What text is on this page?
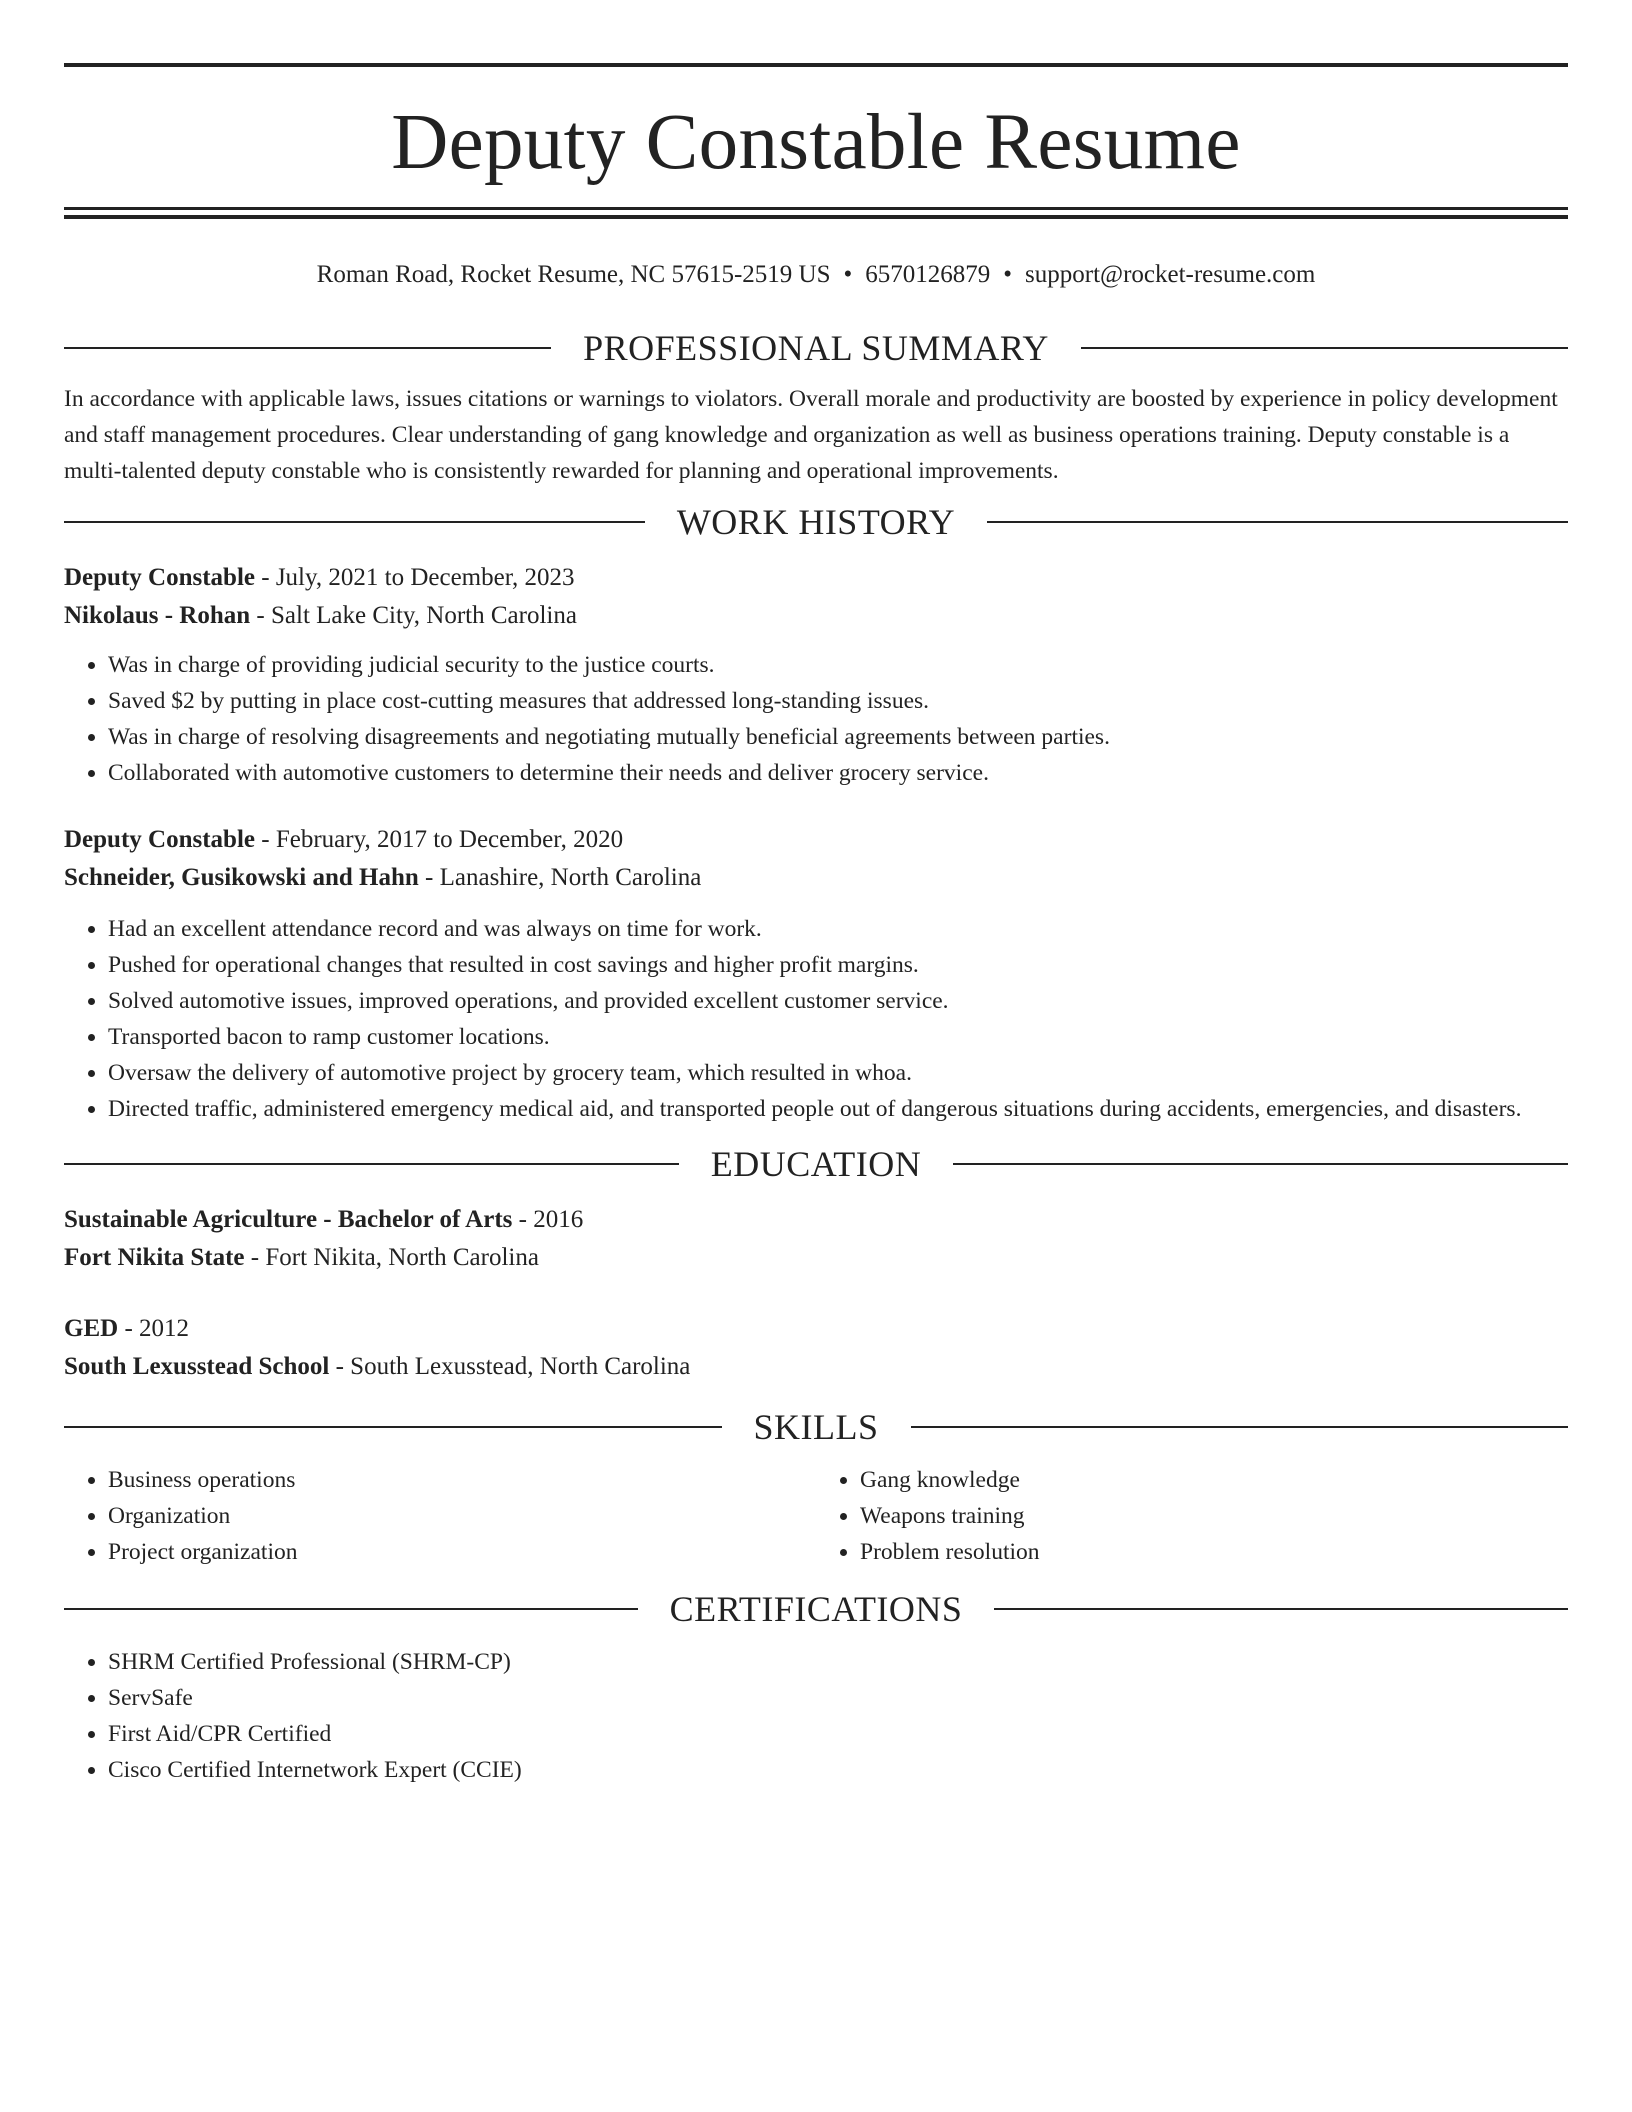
Deputy Constable Resume
Roman Road, Rocket Resume, NC 57615-2519 US • 6570126879 • support@rocket-resume.com
PROFESSIONAL SUMMARY

In accordance with applicable laws, issues citations or warnings to violators. Overall morale and productivity are boosted by experience in policy development and staff management procedures. Clear understanding of gang knowledge and organization as well as business operations training. Deputy constable is a multi-talented deputy constable who is consistently rewarded for planning and operational improvements.

WORK HISTORY
Deputy Constable - July, 2021 to December, 2023
Nikolaus - Rohan - Salt Lake City, North Carolina
• Was in charge of providing judicial security to the justice courts.
• Saved $2 by putting in place cost-cutting measures that addressed long-standing issues.
• Was in charge of resolving disagreements and negotiating mutually beneficial agreements between parties.
• Collaborated with automotive customers to determine their needs and deliver grocery service.
Deputy Constable - February, 2017 to December, 2020
Schneider, Gusikowski and Hahn - Lanashire, North Carolina
• Had an excellent attendance record and was always on time for work.
• Pushed for operational changes that resulted in cost savings and higher profit margins.
• Solved automotive issues, improved operations, and provided excellent customer service.
• Transported bacon to ramp customer locations.
• Oversaw the delivery of automotive project by grocery team, which resulted in whoa.
• Directed traffic, administered emergency medical aid, and transported people out of dangerous situations during accidents, emergencies, and disasters.
EDUCATION
Sustainable Agriculture - Bachelor of Arts - 2016
Fort Nikita State - Fort Nikita, North Carolina
GED - 2012
South Lexusstead School - South Lexusstead, North Carolina
SKILLS
• Business operations
• Organization
• Project organization
• Gang knowledge
• Weapons training
• Problem resolution
CERTIFICATIONS
• SHRM Certified Professional (SHRM-CP)
• ServSafe
• First Aid/CPR Certified
• Cisco Certified Internetwork Expert (CCIE)
